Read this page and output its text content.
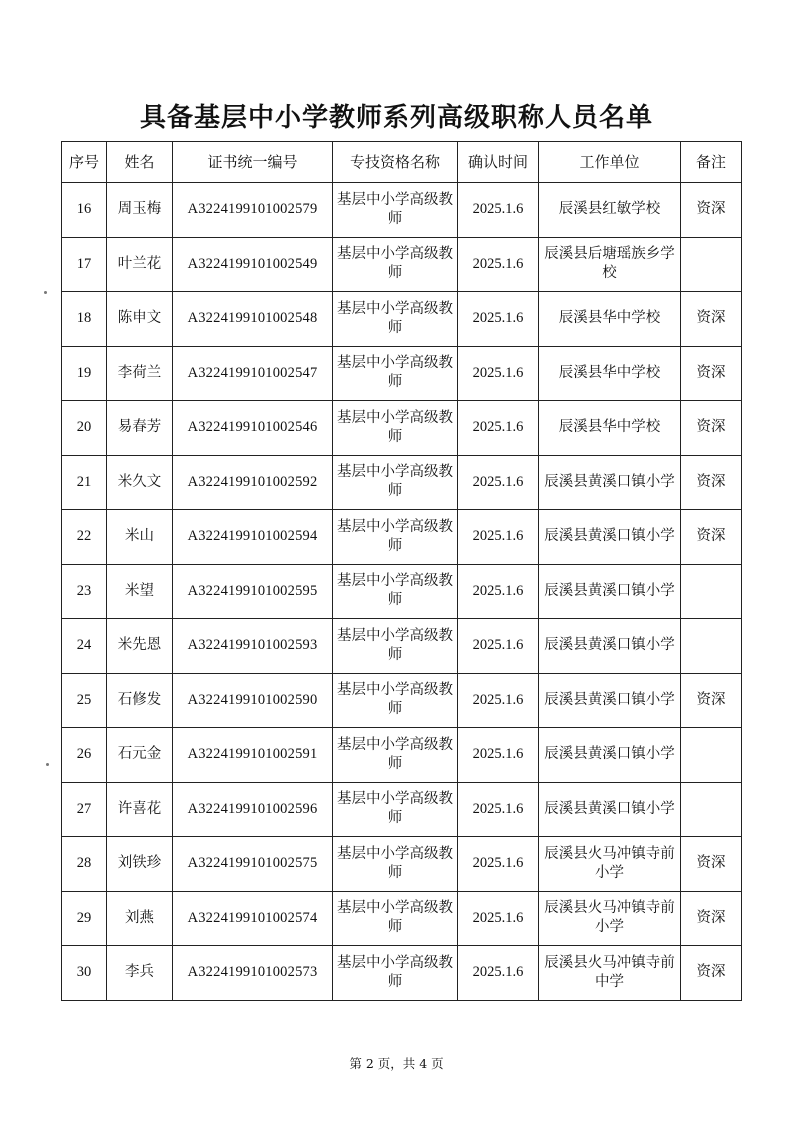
具备基层中小学教师系列高级职称人员名单
序号	姓名	证书统一编号	专技资格名称	确认时间	工作单位	备注
16	周玉梅	A3224199101002579	基层中小学高级教师	2025.1.6	辰溪县红敏学校	资深
17	叶兰花	A3224199101002549	基层中小学高级教师	2025.1.6	辰溪县后塘瑶族乡学校	
18	陈申文	A3224199101002548	基层中小学高级教师	2025.1.6	辰溪县华中学校	资深
19	李荷兰	A3224199101002547	基层中小学高级教师	2025.1.6	辰溪县华中学校	资深
20	易春芳	A3224199101002546	基层中小学高级教师	2025.1.6	辰溪县华中学校	资深
21	米久文	A3224199101002592	基层中小学高级教师	2025.1.6	辰溪县黄溪口镇小学	资深
22	米山	A3224199101002594	基层中小学高级教师	2025.1.6	辰溪县黄溪口镇小学	资深
23	米望	A3224199101002595	基层中小学高级教师	2025.1.6	辰溪县黄溪口镇小学	
24	米先恩	A3224199101002593	基层中小学高级教师	2025.1.6	辰溪县黄溪口镇小学	
25	石修发	A3224199101002590	基层中小学高级教师	2025.1.6	辰溪县黄溪口镇小学	资深
26	石元金	A3224199101002591	基层中小学高级教师	2025.1.6	辰溪县黄溪口镇小学	
27	许喜花	A3224199101002596	基层中小学高级教师	2025.1.6	辰溪县黄溪口镇小学	
28	刘铁珍	A3224199101002575	基层中小学高级教师	2025.1.6	辰溪县火马冲镇寺前小学	资深
29	刘燕	A3224199101002574	基层中小学高级教师	2025.1.6	辰溪县火马冲镇寺前小学	资深
30	李兵	A3224199101002573	基层中小学高级教师	2025.1.6	辰溪县火马冲镇寺前中学	资深
第 2 页，共 4 页
